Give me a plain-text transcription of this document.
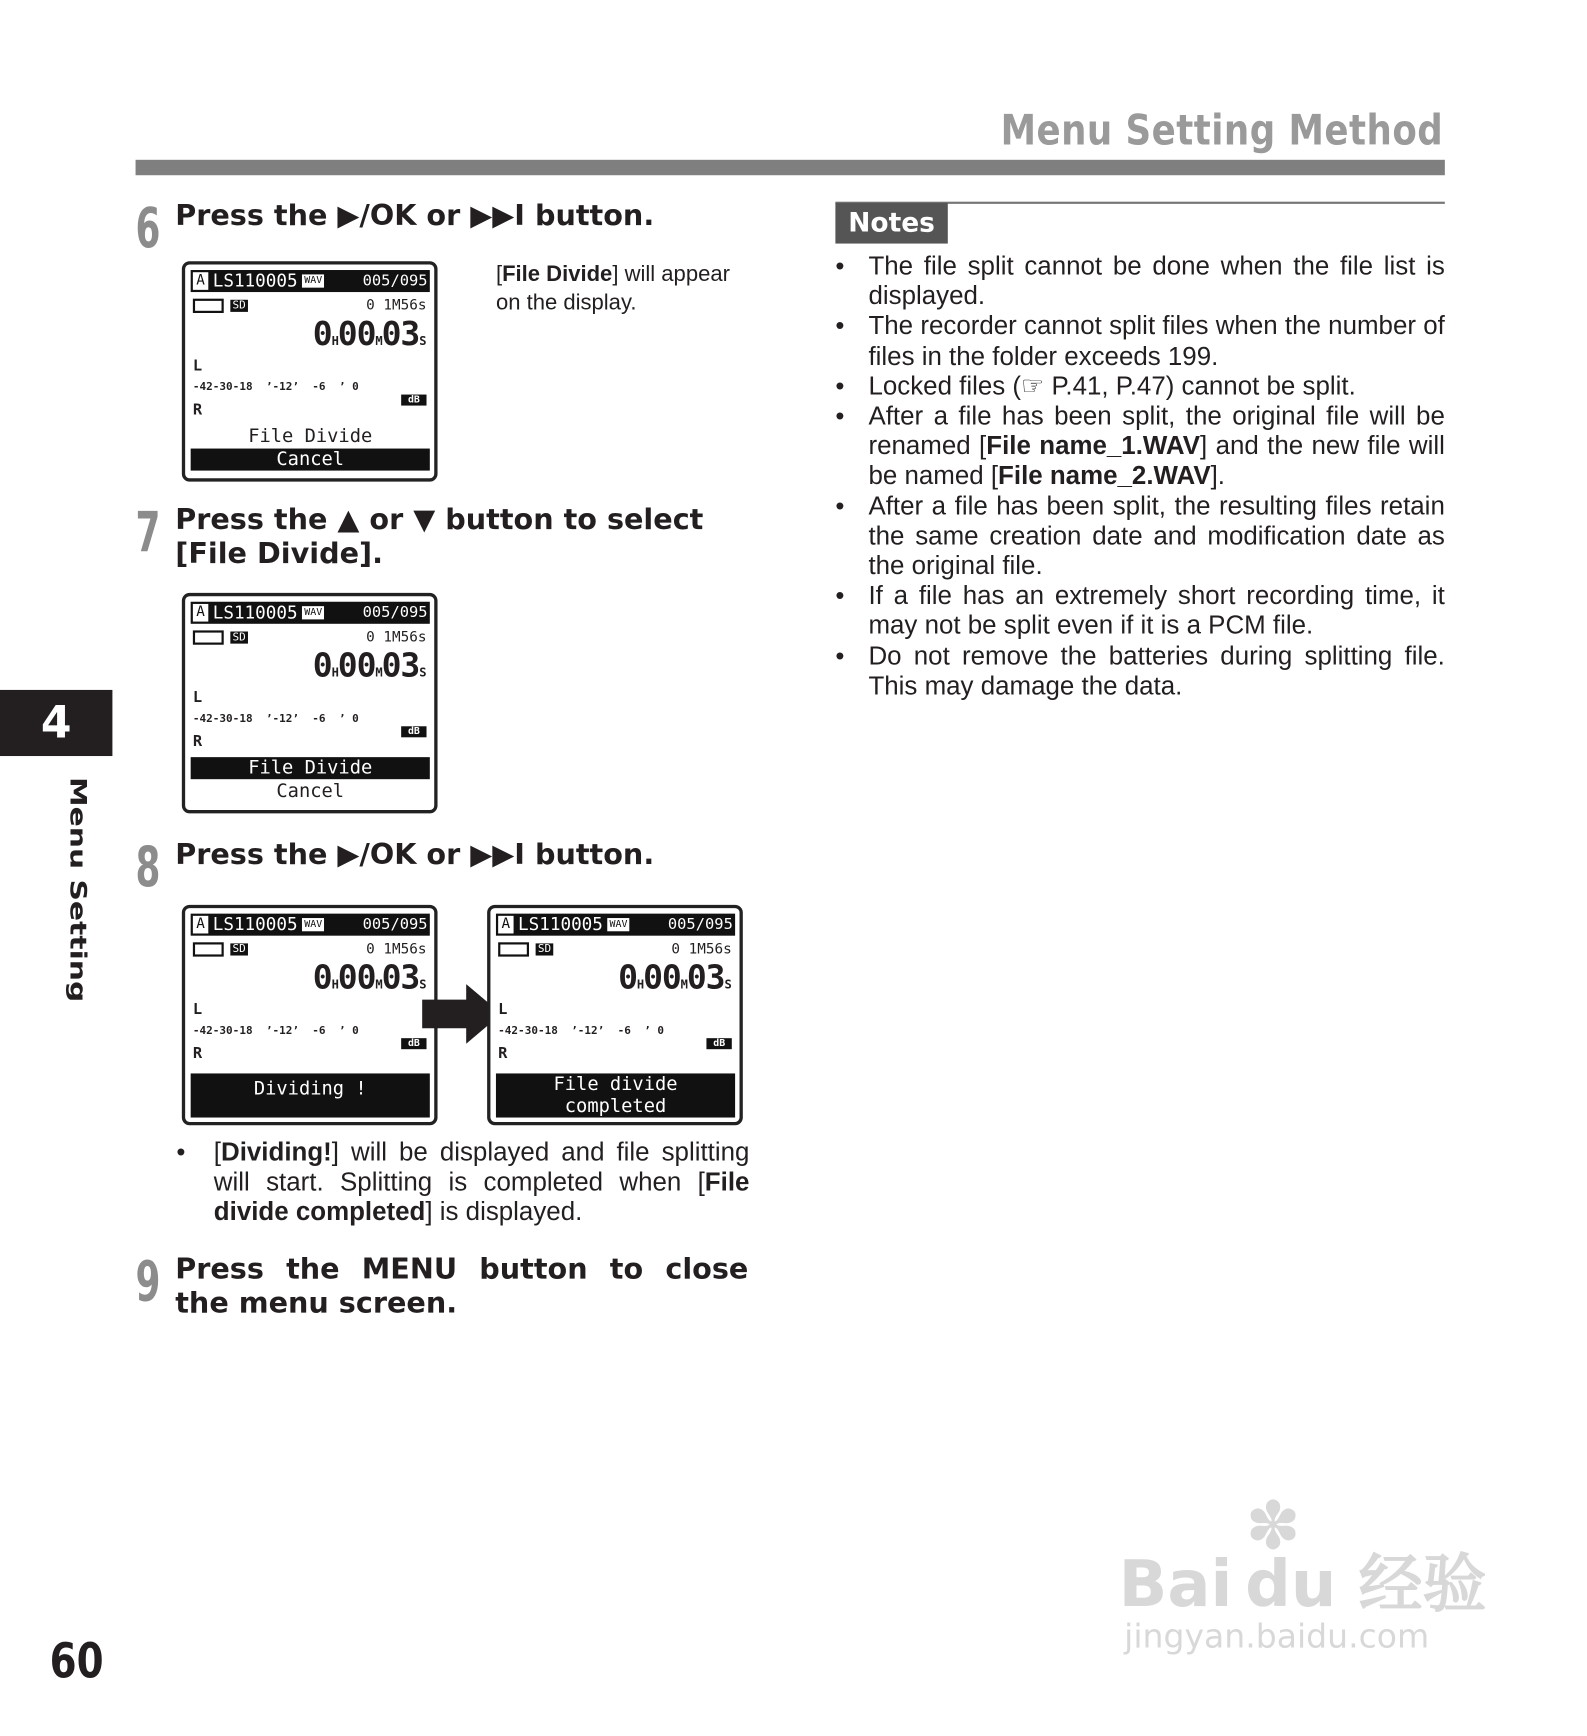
Menu Setting Method
6 Press the ▶/OK or ▶▶I button.
A LS110005 WAV	005/095
SD	0 1M56s
0H00M03S
L
-42-30-18  ’-12’  -6  ’ 0
dB
R
File Divide
Cancel
[File Divide] will appear on the display.
7 Press the ▲ or ▼ button to select [File Divide].
A LS110005 WAV	005/095
SD	0 1M56s
0H00M03S
L
-42-30-18  ’-12’  -6  ’ 0
dB
R
File Divide
Cancel
8 Press the ▶/OK or ▶▶I button.
A LS110005 WAV	005/095
SD	0 1M56s
0H00M03S
L
-42-30-18  ’-12’  -6  ’ 0
dB
R
Dividing !
A LS110005 WAV	005/095
SD	0 1M56s
0H00M03S
L
-42-30-18  ’-12’  -6  ’ 0
dB
R
File divide
completed
• [Dividing!] will be displayed and file splitting will start. Splitting is completed when [File divide completed] is displayed.
9 Press the MENU button to close the menu screen.
Notes
• The file split cannot be done when the file list is displayed.
• The recorder cannot split files when the number of files in the folder exceeds 199.
• Locked files (☞ P.41, P.47) cannot be split.
• After a file has been split, the original file will be renamed [File name_1.WAV] and the new file will be named [File name_2.WAV].
• After a file has been split, the resulting files retain the same creation date and modification date as the original file.
• If a file has an extremely short recording time, it may not be split even if it is a PCM file.
• Do not remove the batteries during splitting file. This may damage the data.
4
Menu Setting
60
✽
Bai du 经验
jingyan.baidu.com
